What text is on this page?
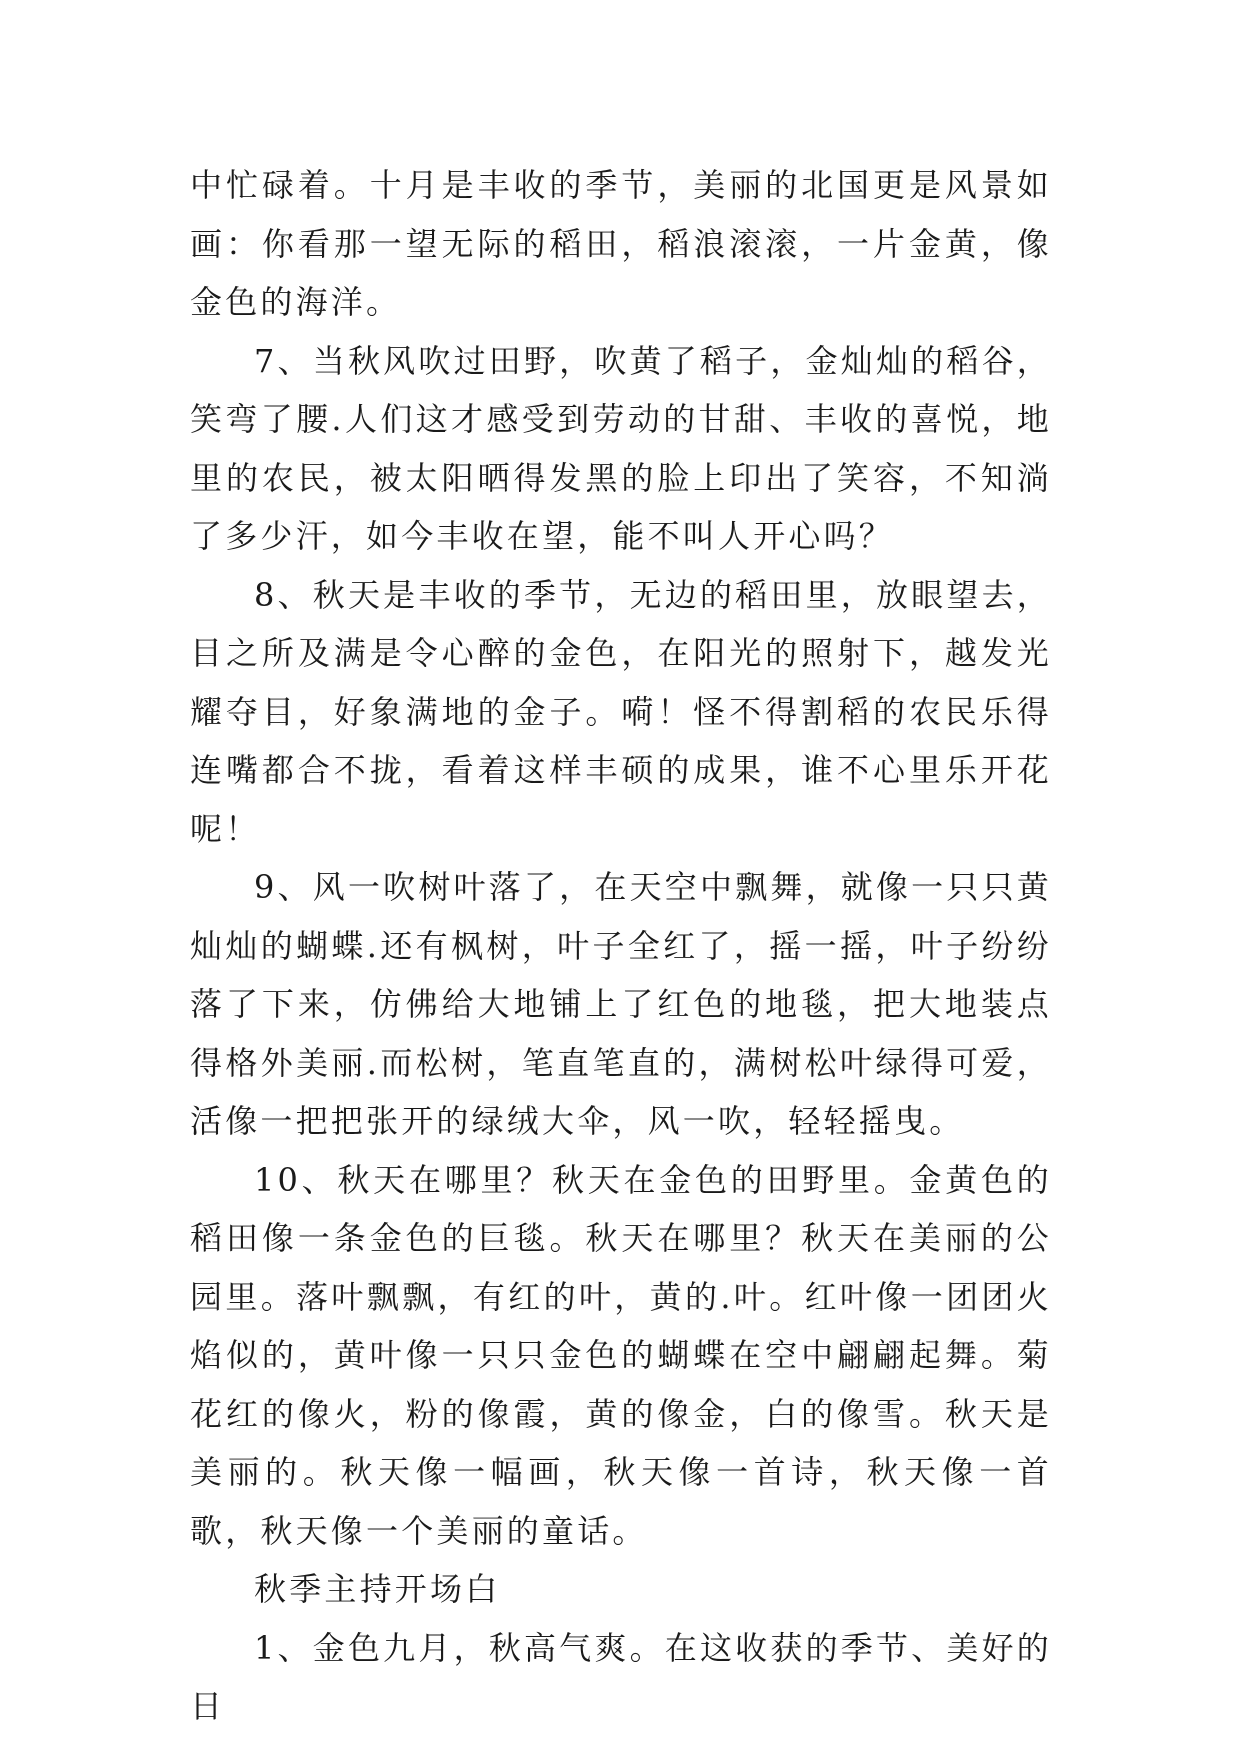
中忙碌着。十月是丰收的季节，美丽的北国更是风景如画：你看那一望无际的稻田，稻浪滚滚，一片金黄，像金色的海洋。

7、当秋风吹过田野，吹黄了稻子，金灿灿的稻谷，笑弯了腰.人们这才感受到劳动的甘甜、丰收的喜悦，地里的农民，被太阳晒得发黑的脸上印出了笑容，不知淌了多少汗，如今丰收在望，能不叫人开心吗？

8、秋天是丰收的季节，无边的稻田里，放眼望去，目之所及满是令心醉的金色，在阳光的照射下，越发光耀夺目，好象满地的金子。嗬！怪不得割稻的农民乐得连嘴都合不拢，看着这样丰硕的成果，谁不心里乐开花呢！

9、风一吹树叶落了，在天空中飘舞，就像一只只黄灿灿的蝴蝶.还有枫树，叶子全红了，摇一摇，叶子纷纷落了下来，仿佛给大地铺上了红色的地毯，把大地装点得格外美丽.而松树，笔直笔直的，满树松叶绿得可爱，活像一把把张开的绿绒大伞，风一吹，轻轻摇曳。

10、秋天在哪里？秋天在金色的田野里。金黄色的稻田像一条金色的巨毯。秋天在哪里？秋天在美丽的公园里。落叶飘飘，有红的叶，黄的.叶。红叶像一团团火焰似的，黄叶像一只只金色的蝴蝶在空中翩翩起舞。菊花红的像火，粉的像霞，黄的像金，白的像雪。秋天是美丽的。秋天像一幅画，秋天像一首诗，秋天像一首歌，秋天像一个美丽的童话。

秋季主持开场白

1、金色九月，秋高气爽。在这收获的季节、美好的日
